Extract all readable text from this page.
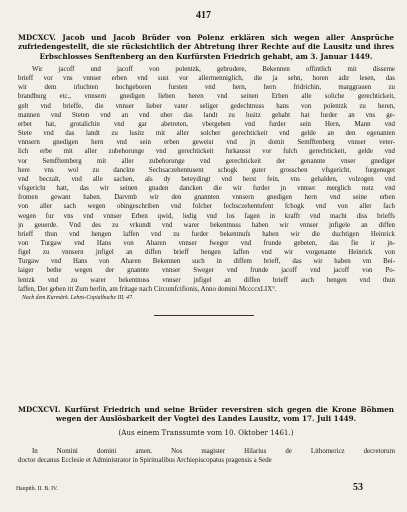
417
MDCXCV. Jacob und Jacob Brüder von Polenz erklären sich wegen aller Ansprüche zufriedengestellt, die sie rücksichtlich der Abtretung ihrer Rechte auf die Lausitz und ihres Erbschlosses Senftenberg an den Kurfürsten Friedrich gehabt, am 3. Januar 1449.
Wir jacoff und jacoff von polentzk, gebrudere, Bekennen offintlich mit disseme
brieff vor vns vnnser erben vnd sust vor allermenniglich, die ja sehn, horen adir lesen, das
wir dem irluchten hochgeboren fursten vnd hern, hern fridrichin, marggrauen zu
brandburg etc., vnnsern gnedigen lieben heren vnd seinen Erben alle soliche gerechtickeit,
gelt vnd brieffe, die vnnser lieber vater seliger gedechtnuss hans von polentzk zu heren,
mannen vnd Steten vnd an vnd uber das landt zu lusitz gehabt hat furder an vns ge-
erbet hat, grotalichin vnd gar abetreten, vbergeben vnd furder sein Hern, Mann vnd
Stete vnd das landt zu lusitz mit aller solcher gerechtickeit vnd gelde an den egenanten
vnnsern gnedigen hern vnd sein erben geweist vnd jn domit Semfftenberg vnnser veter-
lich erbe mit aller zubehorunge vnd gerechtickeit furkausst vor fulch gerechtickeit, gelde vnd
vor Semfftemberg mit aller zubehorunge vnd gerechtickeit der genannte vnser gnediger
here vns wol zu danckte Sechsaczehentusent schogk guter grosschen vfsgericht, furgenuget
vnd beczalt, vnd alle sachen, als dy beteydingt vnd berst fein, vns gehalden, volzogen vnd
vfsgericht hatt, das wir seinen gnaden dancken die wir furder jn vnnser merglich nutz vnd
fromen gewant haben. Darvmb wir den gnannten vnnsern gnedigen hern vnd seine erben
von aller sach wegen obingeschriben vnd folcher fechsczehentufent fchogk vnd von aller fach
wegen fur vns vnd vnnser Erben qwid, ledig vnd los fagen in krafft vnd macht diss brieffs
jn geuerde. Vnd des zu vrkundt vnd warer bekentnuss haben wir vnnser jnfigele an diffen
brieff thun vnd hengen laffen vnd zu furder bekentnufs haben wir die duchtigen Heinrick
von Turgaw vnd Hans von Aharen vnnser fweger vnd frunde gebeten, das fie ir jn-
figel zu vnnsern jnfigel an diffen brieff hengen laffen vnd wir vorgenante Heinrick von
Turgaw vnd Hans von Aharen Bekennen such in diffem brieff, das wir haben vm Bei-
laiger bethe wegen der gnannte vnnser Sweger vnd frunde jacoff vnd jacoff von Po-
lentzk vnd zu warer bekentnuss vnnser jnfigel an diffen brieff auch hengen vnd thun
laffen, Der geben itt Zum berlin, am fritage nach Circumfcifionis, Anno domini MccccxLIX°.
Nach dem Kurmärk. Lehns-Copialbuche III. 47.
MDCXCVI. Kurfürst Friedrich und seine Brüder reversiren sich gegen die Krone Böhmen wegen der Auslösbarkeit der Vogtei des Landes Lausitz, vom 17. Juli 1449.
(Aus einem Transsumte vom 10. Oktober 1461.)
In Nomini domini amen. Nos magister Hilarius de Lithomericz decretorum
doctor decanus Ecclesie et Administrator in Spiritualibus Archiepiscopatus pragensis a Sede
Hauptth. II. B. IV.	53
